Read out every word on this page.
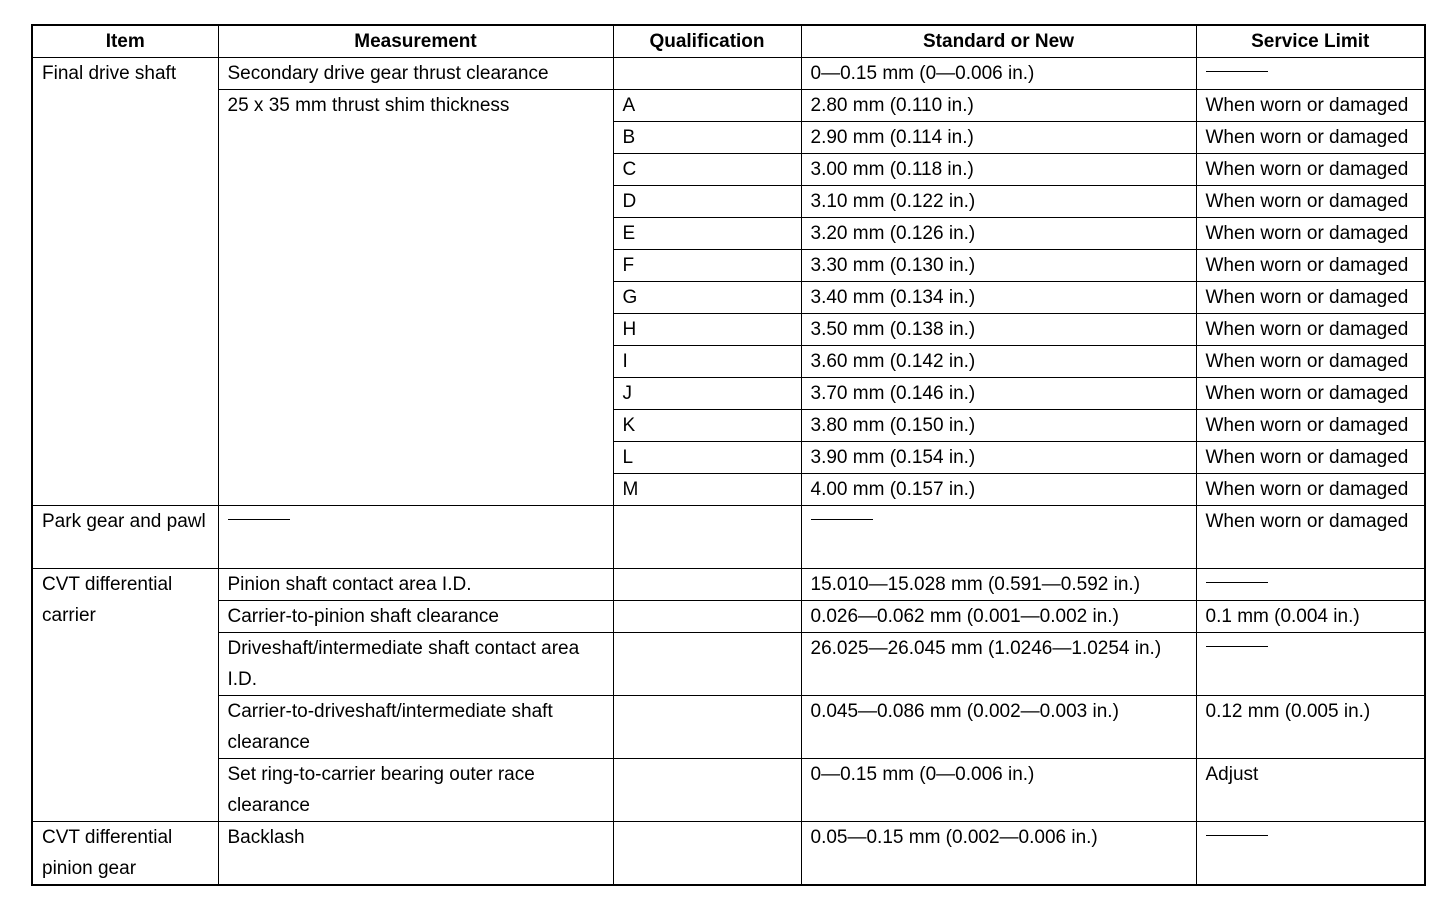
Item	Measurement	Qualification	Standard or New	Service Limit
Final drive shaft	Secondary drive gear thrust clearance		0—0.15 mm (0—0.006 in.)	
	25 x 35 mm thrust shim thickness	A	2.80 mm (0.110 in.)	When worn or damaged
		B	2.90 mm (0.114 in.)	When worn or damaged
		C	3.00 mm (0.118 in.)	When worn or damaged
		D	3.10 mm (0.122 in.)	When worn or damaged
		E	3.20 mm (0.126 in.)	When worn or damaged
		F	3.30 mm (0.130 in.)	When worn or damaged
		G	3.40 mm (0.134 in.)	When worn or damaged
		H	3.50 mm (0.138 in.)	When worn or damaged
		I	3.60 mm (0.142 in.)	When worn or damaged
		J	3.70 mm (0.146 in.)	When worn or damaged
		K	3.80 mm (0.150 in.)	When worn or damaged
		L	3.90 mm (0.154 in.)	When worn or damaged
		M	4.00 mm (0.157 in.)	When worn or damaged
Park gear and pawl				When worn or damaged
CVT differential carrier	Pinion shaft contact area I.D.		15.010—15.028 mm (0.591—0.592 in.)	
	Carrier-to-pinion shaft clearance		0.026—0.062 mm (0.001—0.002 in.)	0.1 mm (0.004 in.)
	Driveshaft/intermediate shaft contact area I.D.		26.025—26.045 mm (1.0246—1.0254 in.)	
	Carrier-to-driveshaft/intermediate shaft clearance		0.045—0.086 mm (0.002—0.003 in.)	0.12 mm (0.005 in.)
	Set ring-to-carrier bearing outer race clearance		0—0.15 mm (0—0.006 in.)	Adjust
CVT differential pinion gear	Backlash		0.05—0.15 mm (0.002—0.006 in.)	
